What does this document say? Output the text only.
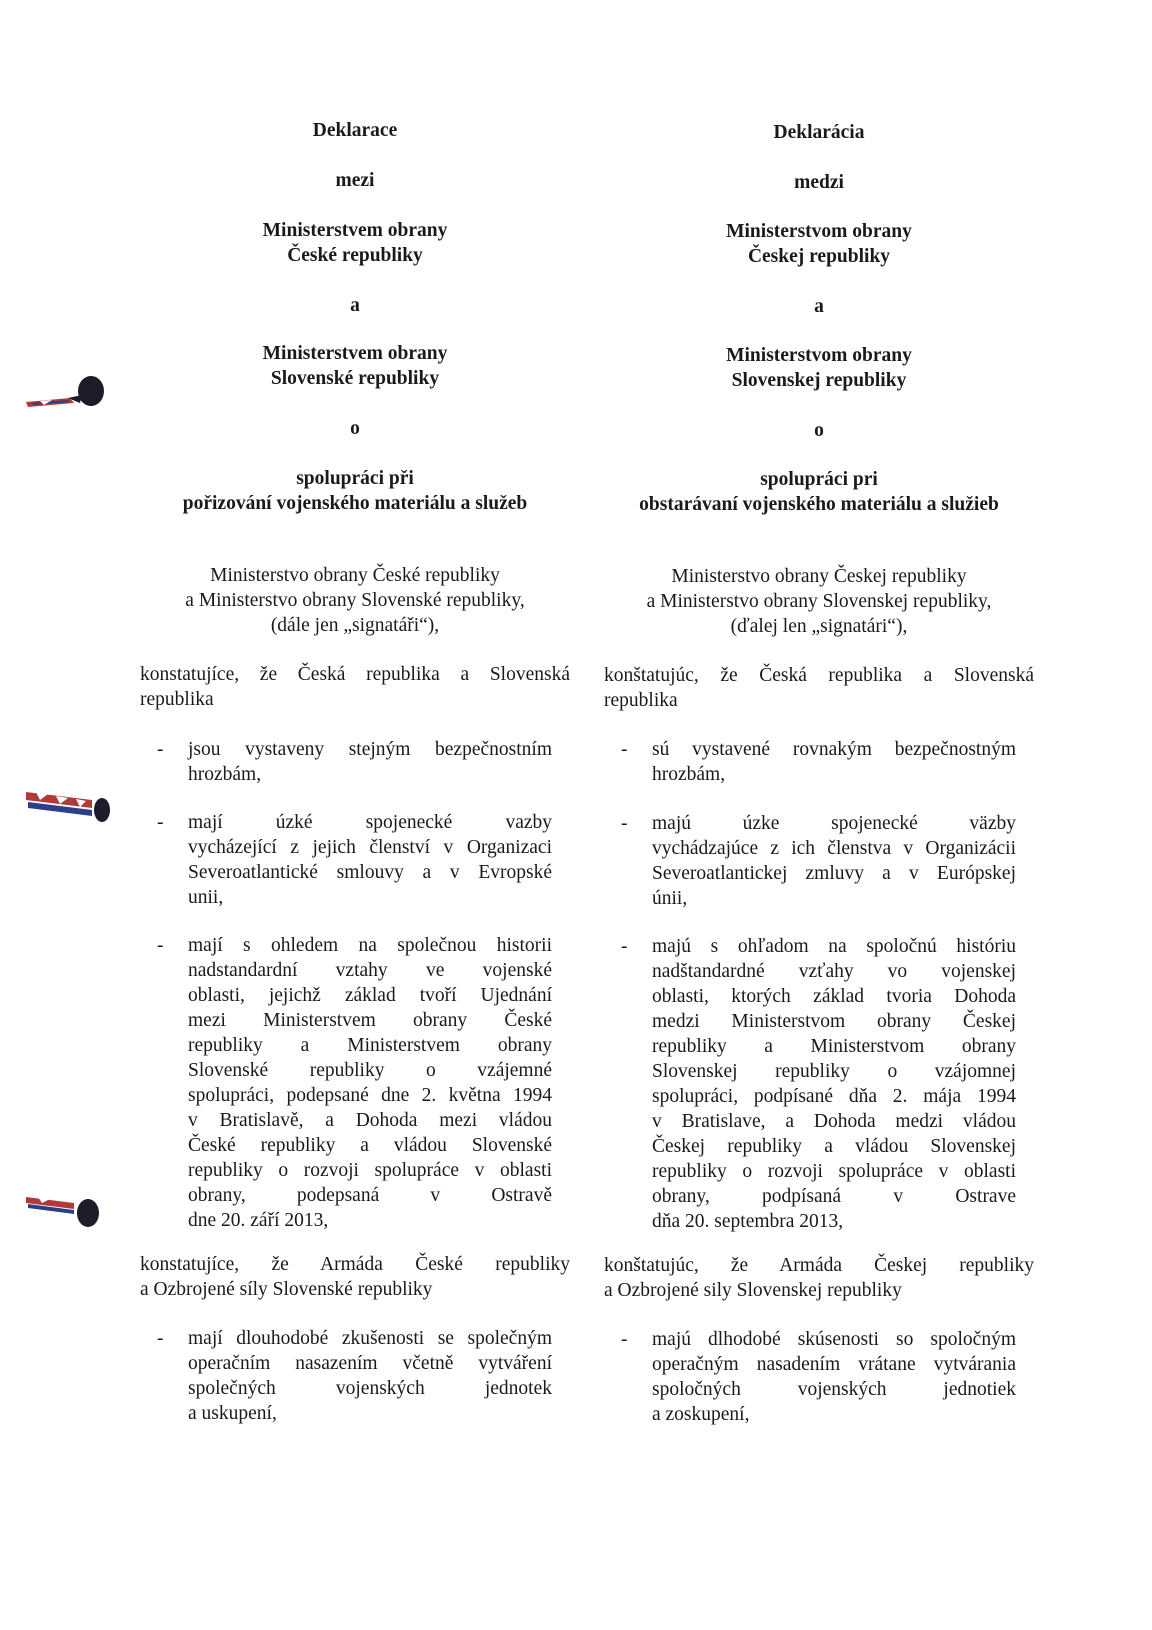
Deklarace
mezi
Ministerstvem obrany
České republiky
a
Ministerstvem obrany
Slovenské republiky
o
spolupráci při
pořizování vojenského materiálu a služeb
Ministerstvo obrany České republiky
a Ministerstvo obrany Slovenské republiky,
(dále jen „signatáři“),
konstatujíce, že Česká republika a Slovenská
republika
- jsou vystaveny stejným bezpečnostním
hrozbám,
- mají úzké spojenecké vazby
vycházející z jejich členství v Organizaci
Severoatlantické smlouvy a v Evropské
unii,
- mají s ohledem na společnou historii
nadstandardní vztahy ve vojenské
oblasti, jejichž základ tvoří Ujednání
mezi Ministerstvem obrany České
republiky a Ministerstvem obrany
Slovenské republiky o vzájemné
spolupráci, podepsané dne 2. května 1994
v Bratislavě, a Dohoda mezi vládou
České republiky a vládou Slovenské
republiky o rozvoji spolupráce v oblasti
obrany, podepsaná v Ostravě
dne 20. září 2013,
konstatujíce, že Armáda České republiky
a Ozbrojené síly Slovenské republiky
- mají dlouhodobé zkušenosti se společným
operačním nasazením včetně vytváření
společných vojenských jednotek
a uskupení,
Deklarácia
medzi
Ministerstvom obrany
Českej republiky
a
Ministerstvom obrany
Slovenskej republiky
o
spolupráci pri
obstarávaní vojenského materiálu a služieb
Ministerstvo obrany Českej republiky
a Ministerstvo obrany Slovenskej republiky,
(ďalej len „signatári“),
konštatujúc, že Česká republika a Slovenská
republika
- sú vystavené rovnakým bezpečnostným
hrozbám,
- majú úzke spojenecké väzby
vychádzajúce z ich členstva v Organizácii
Severoatlantickej zmluvy a v Európskej
únii,
- majú s ohľadom na spoločnú históriu
nadštandardné vzťahy vo vojenskej
oblasti, ktorých základ tvoria Dohoda
medzi Ministerstvom obrany Českej
republiky a Ministerstvom obrany
Slovenskej republiky o vzájomnej
spolupráci, podpísané dňa 2. mája 1994
v Bratislave, a Dohoda medzi vládou
Českej republiky a vládou Slovenskej
republiky o rozvoji spolupráce v oblasti
obrany, podpísaná v Ostrave
dňa 20. septembra 2013,
konštatujúc, že Armáda Českej republiky
a Ozbrojené sily Slovenskej republiky
- majú dlhodobé skúsenosti so spoločným
operačným nasadením vrátane vytvárania
spoločných vojenských jednotiek
a zoskupení,
